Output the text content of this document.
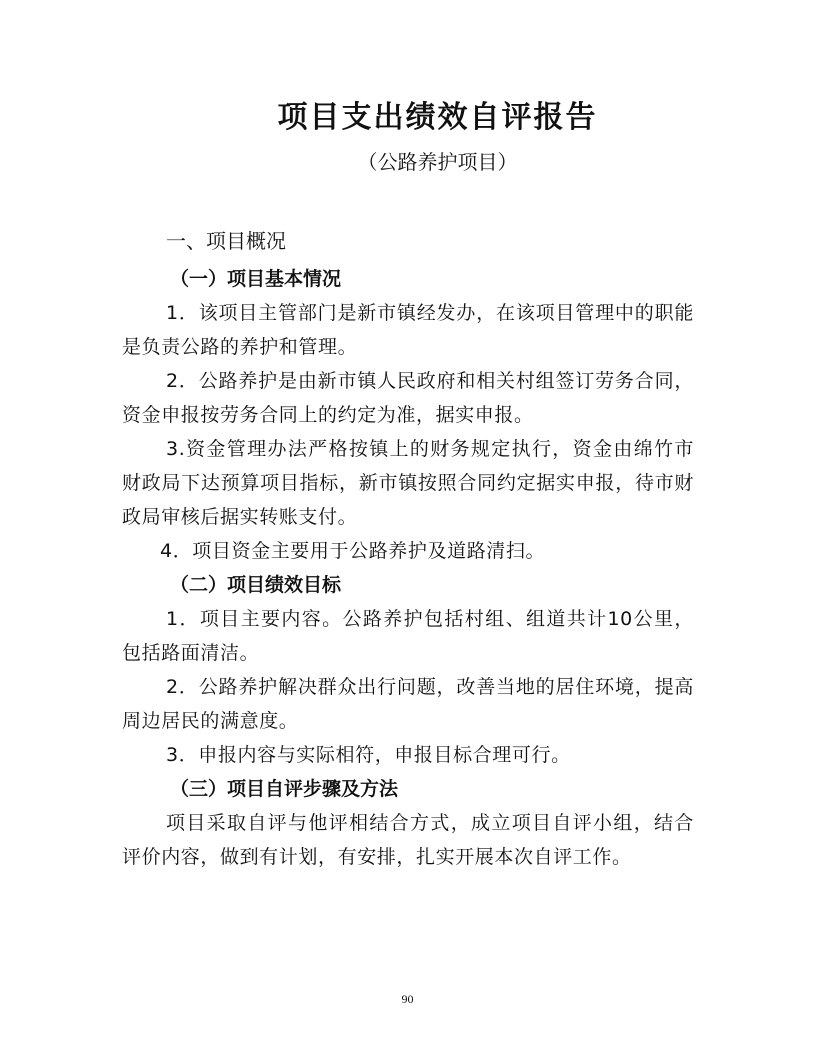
项目支出绩效自评报告
（公路养护项目）
一、项目概况
（一）项目基本情况

1．该项目主管部门是新市镇经发办，在该项目管理中的职能是负责公路的养护和管理。

2．公路养护是由新市镇人民政府和相关村组签订劳务合同，资金申报按劳务合同上的约定为准，据实申报。

3.资金管理办法严格按镇上的财务规定执行，资金由绵竹市财政局下达预算项目指标，新市镇按照合同约定据实申报，待市财政局审核后据实转账支付。

4．项目资金主要用于公路养护及道路清扫。

（二）项目绩效目标

1．项目主要内容。公路养护包括村组、组道共计10公里，包括路面清洁。

2．公路养护解决群众出行问题，改善当地的居住环境，提高周边居民的满意度。

3．申报内容与实际相符，申报目标合理可行。

（三）项目自评步骤及方法

项目采取自评与他评相结合方式，成立项目自评小组，结合评价内容，做到有计划，有安排，扎实开展本次自评工作。

90
